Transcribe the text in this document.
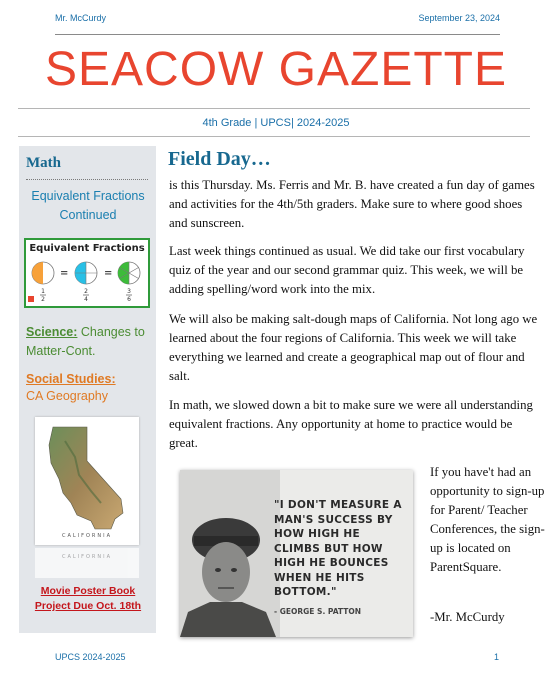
Mr. McCurdy	September 23, 2024
SEACOW GAZETTE
4th Grade | UPCS| 2024-2025
Math
Equivalent Fractions
Continued
Equivalent Fractions
=	=
1
2
2
4
3
6
Science: Changes to Matter-Cont.
Social Studies:
CA Geography
CALIFORNIA
CALIFORNIA
Movie Poster Book
Project Due Oct. 18th
Field Day…

is this Thursday. Ms. Ferris and Mr. B. have created a fun day of games and activities for the 4th/5th graders. Make sure to where good shoes and sunscreen.

Last week things continued as usual. We did take our first vocabulary quiz of the year and our second grammar quiz. This week, we will be adding spelling/word work into the mix.

We will also be making salt-dough maps of California. Not long ago we learned about the four regions of California. This week we will take everything we learned and create a geographical map out of flour and salt.

In math, we slowed down a bit to make sure we were all understanding equivalent fractions. Any opportunity at home to practice would be great.

"I DON'T MEASURE A MAN'S SUCCESS BY HOW HIGH HE CLIMBS BUT HOW HIGH HE BOUNCES WHEN HE HITS BOTTOM."
- GEORGE S. PATTON
If you have't had an opportunity to sign-up for Parent/ Teacher Conferences, the sign-up is located on ParentSquare.
-Mr. McCurdy
UPCS 2024-2025	1
